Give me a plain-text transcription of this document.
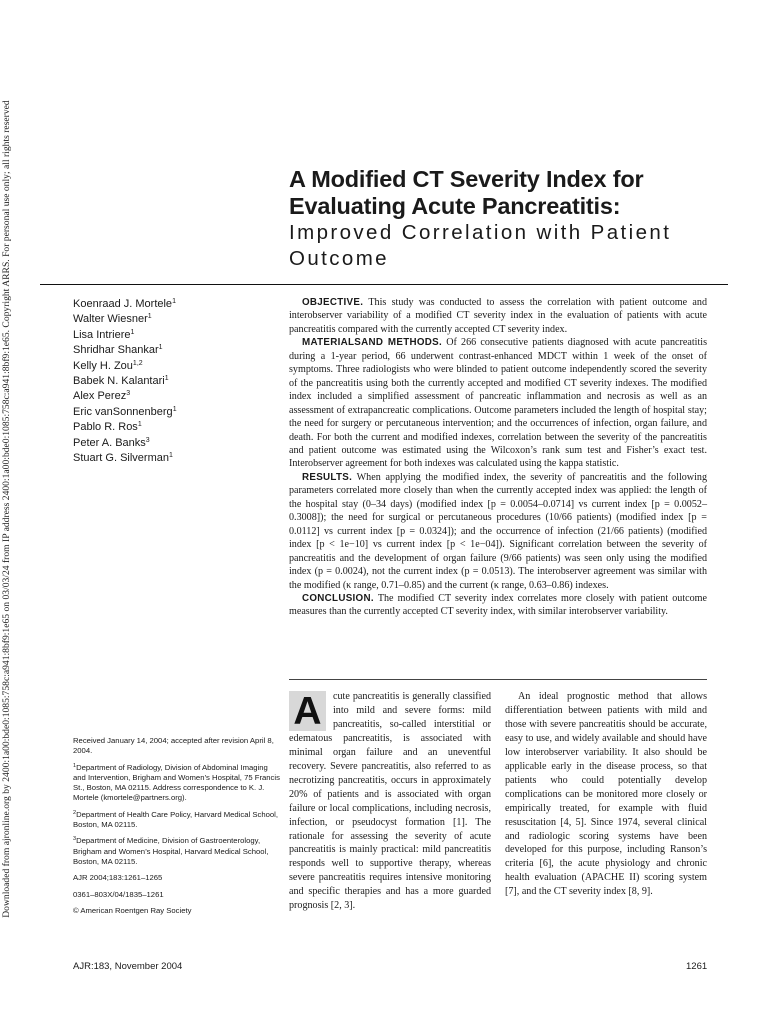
Downloaded from ajronline.org by 2400:1a00:bde0:1085:758c:a941:8bf9:1e65 on 03/03/24 from IP address 2400:1a00:bde0:1085:758c:a941:8bf9:1e65. Copyright ARRS. For personal use only; all rights reserved	A Modified CT Severity Index for

Evaluating Acute Pancreatitis:

Improved Correlation with Patient

Outcome

Koenraad J. Mortele$^1$
Walter Wiesner$^1$
Lisa Intriere$^1$
Shridhar Shankar$^1$
Kelly H. Zou$^{1,2}$
Babek N. Kalantari$^1$
Alex Perez$^3$
Eric vanSonnenberg$^1$
Pablo R. Ros$^1$
Peter A. Banks$^3$
Stuart G. Silverman$^1$

OBJECTIVE. This study was conducted to assess the correlation with patient outcome and interobserver variability of a modified CT severity index in the evaluation of patients with acute pancreatitis compared with the currently accepted CT severity index.

MATERIALSAND METHODS. Of 266 consecutive patients diagnosed with acute pancreatitis during a 1-year period, 66 underwent contrast-enhanced MDCT within 1 week of the onset of symptoms. Three radiologists who were blinded to patient outcome independently scored the severity of the pancreatitis using both the currently accepted and modified CT severity indexes. The modified index included a simplified assessment of pancreatic inflammation and necrosis as well as an assessment of extrapancreatic complications. Outcome parameters included the length of hospital stay; the need for surgery or percutaneous intervention; and the occurrences of infection, organ failure, and death. For both the current and modified indexes, correlation between the severity of the pancreatitis and patient outcome was estimated using the Wilcoxon’s rank sum test and Fisher’s exact test. Interobserver agreement for both indexes was calculated using the kappa statistic.

RESULTS. When applying the modified index, the severity of pancreatitis and the following parameters correlated more closely than when the currently accepted index was applied: the length of the hospital stay (0–34 days) (modified index [p = 0.0054–0.0714] vs current index [p = 0.0052–0.3008]); the need for surgical or percutaneous procedures (10/66 patients) (modified index [p = 0.0112] vs current index [p = 0.0324]); and the occurrence of infection (21/66 patients) (modified index [p < 1e−10] vs current index [p < 1e−04]). Significant correlation between the severity of pancreatitis and the development of organ failure (9/66 patients) was seen only using the modified index (p = 0.0024), not the current index (p = 0.0513). The interobserver agreement was similar with the modified (κ range, 0.71–0.85) and the current (κ range, 0.63–0.86) indexes.

CONCLUSION. The modified CT severity index correlates more closely with patient outcome measures than the currently accepted CT severity index, with similar interobserver variability.

A	cute pancreatitis is generally classified into mild and severe forms: mild pancreatitis, so-called interstitial or edematous pancreatitis, is associated with minimal organ failure and an uneventful recovery. Severe pancreatitis, also referred to as necrotizing pancreatitis, occurs in approximately 20% of patients and is associated with organ failure or local complications, including necrosis, infection, or pseudocyst formation [1]. The rationale for assessing the severity of acute pancreatitis is mainly practical: mild pancreatitis responds well to supportive therapy, whereas severe pancreatitis requires intensive monitoring and specific therapies and has a more guarded prognosis [2, 3].

An ideal prognostic method that allows differentiation between patients with mild and those with severe pancreatitis should be accurate, easy to use, and widely available and should have low interobserver variability. It also should be applicable early in the disease process, so that patients who could potentially develop complications can be monitored more closely or empirically treated, for example with fluid resuscitation [4, 5]. Since 1974, several clinical and radiologic scoring systems have been developed for this purpose, including Ranson’s criteria [6], the acute physiology and chronic health evaluation (APACHE II) scoring system [7], and the CT severity index [8, 9].

Received January 14, 2004; accepted after revision April 8, 2004.

$^1$Department of Radiology, Division of Abdominal Imaging and Intervention, Brigham and Women’s Hospital, 75 Francis St., Boston, MA 02115. Address correspondence to K. J. Mortele (kmortele@partners.org).

$^2$Department of Health Care Policy, Harvard Medical School, Boston, MA 02115.

$^3$Department of Medicine, Division of Gastroenterology, Brigham and Women’s Hospital, Harvard Medical School, Boston, MA 02115.

AJR 2004;183:1261–1265

0361–803X/04/1835–1261

© American Roentgen Ray Society

AJR:183, November 2004	1261
